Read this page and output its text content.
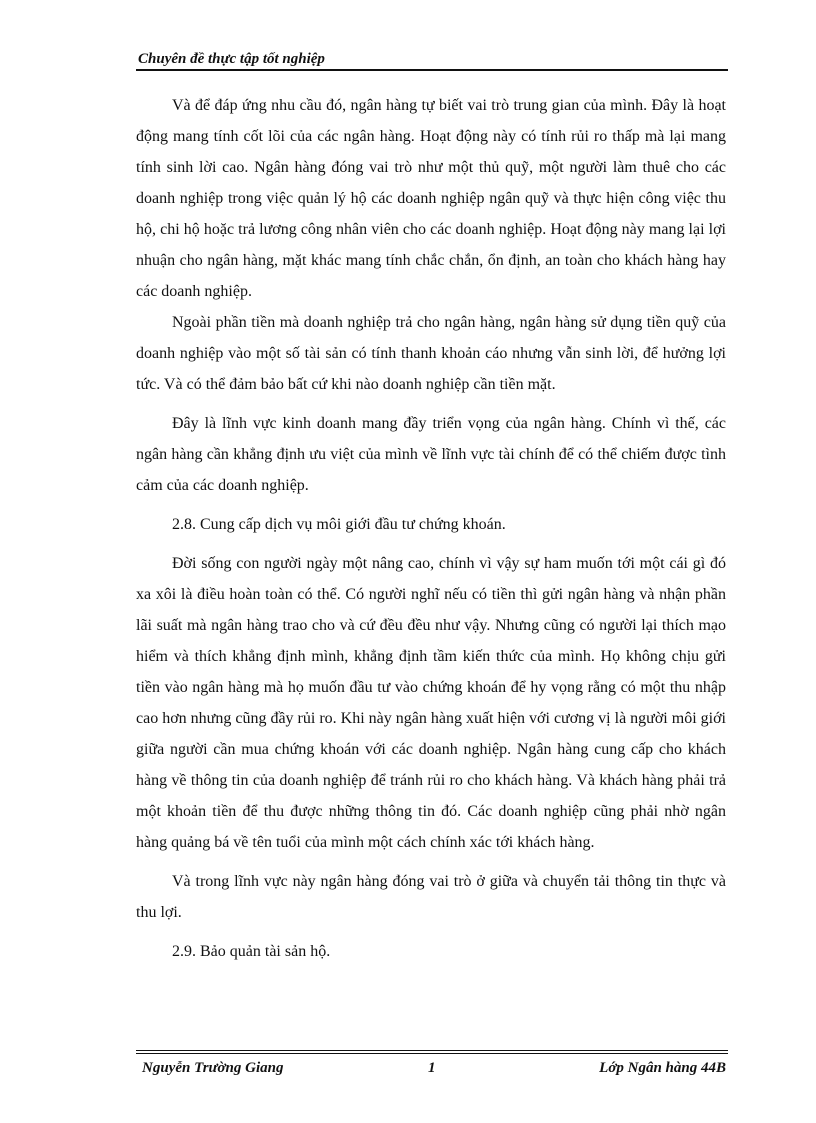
Chuyên đề thực tập tốt nghiệp

Và để đáp ứng nhu cầu đó, ngân hàng tự biết vai trò trung gian của mình. Đây là hoạt động mang tính cốt lõi của các ngân hàng. Hoạt động này có tính rủi ro thấp mà lại mang tính sinh lời cao. Ngân hàng đóng vai trò như một thủ quỹ, một người làm thuê cho các doanh nghiệp trong việc quản lý hộ các doanh nghiệp ngân quỹ và thực hiện công việc thu hộ, chi hộ hoặc trả lương công nhân viên cho các doanh nghiệp. Hoạt động này mang lại lợi nhuận cho ngân hàng, mặt khác mang tính chắc chắn, ổn định, an toàn cho khách hàng hay các doanh nghiệp.

Ngoài phần tiền mà doanh nghiệp trả cho ngân hàng, ngân hàng sử dụng tiền quỹ của doanh nghiệp vào một số tài sản có tính thanh khoản cáo nhưng vẫn sinh lời, để hưởng lợi tức. Và có thể đảm bảo bất cứ khi nào doanh nghiệp cần tiền mặt.

Đây là lĩnh vực kinh doanh mang đầy triển vọng của ngân hàng. Chính vì thế, các ngân hàng cần khẳng định ưu việt của mình về lĩnh vực tài chính để có thể chiếm được tình cảm của các doanh nghiệp.

2.8. Cung cấp dịch vụ môi giới đầu tư chứng khoán.

Đời sống con người ngày một nâng cao, chính vì vậy sự ham muốn tới một cái gì đó xa xôi là điều hoàn toàn có thể. Có người nghĩ nếu có tiền thì gửi ngân hàng và nhận phần lãi suất mà ngân hàng trao cho và cứ đều đều như vậy. Nhưng cũng có người lại thích mạo hiểm và thích khẳng định mình, khẳng định tầm kiến thức của mình. Họ không chịu gửi tiền vào ngân hàng mà họ muốn đầu tư vào chứng khoán để hy vọng rằng có một thu nhập cao hơn nhưng cũng đầy rủi ro. Khi này ngân hàng xuất hiện với cương vị là người môi giới giữa người cần mua chứng khoán với các doanh nghiệp. Ngân hàng cung cấp cho khách hàng về thông tin của doanh nghiệp để tránh rủi ro cho khách hàng. Và khách hàng phải trả một khoản tiền để thu được những thông tin đó. Các doanh nghiệp cũng phải nhờ ngân hàng quảng bá về tên tuổi của mình một cách chính xác tới khách hàng.

Và trong lĩnh vực này ngân hàng đóng vai trò ở giữa và chuyển tải thông tin thực và thu lợi.

2.9. Bảo quản tài sản hộ.

Nguyễn Trường Giang	1	Lớp Ngân hàng 44B
